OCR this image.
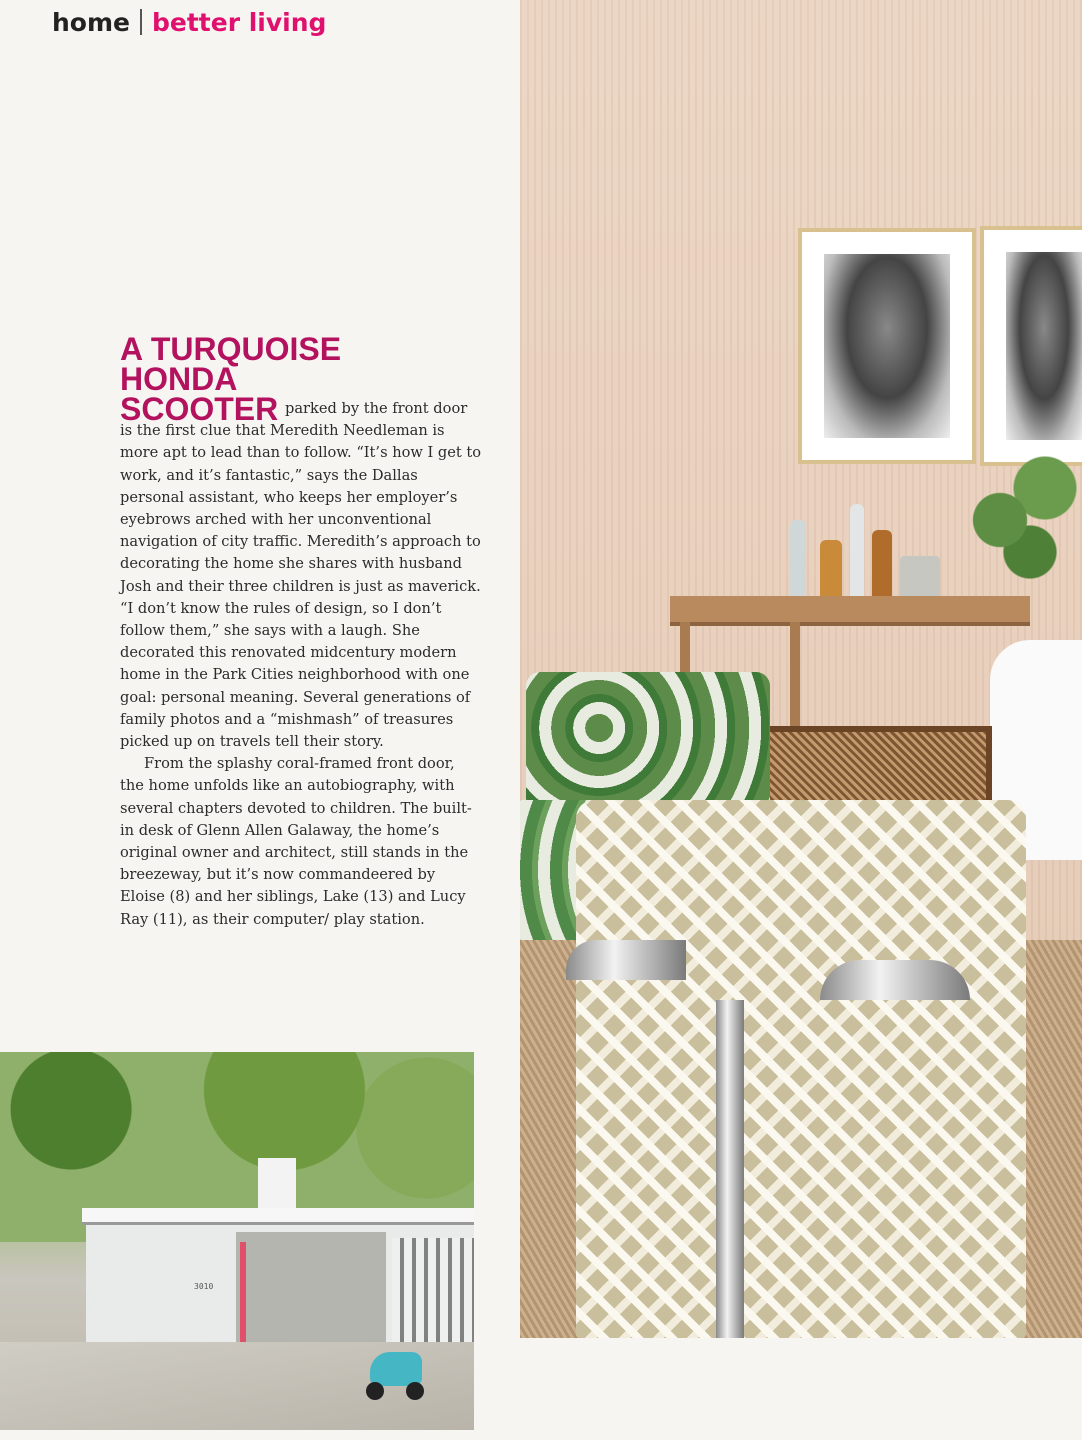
home better living
A TURQUOISE
HONDA
SCOOTER parked by the front door is the first clue that Meredith Needleman is more apt to lead than to follow. “It’s how I get to work, and it’s fantastic,” says the Dallas personal assistant, who keeps her employer’s eyebrows arched with her unconventional navigation of city traffic. Meredith’s approach to decorating the home she shares with husband Josh and their three children is just as maverick. “I don’t know the rules of design, so I don’t follow them,” she says with a laugh. She decorated this renovated midcentury modern home in the Park Cities neighborhood with one goal: personal meaning. Several generations of family photos and a “mishmash” of treasures picked up on travels tell their story.

From the splashy coral-framed front door, the home unfolds like an autobiography, with several chapters devoted to children. The built-in desk of Glenn Allen Galaway, the home’s original owner and architect, still stands in the breezeway, but it’s now commandeered by Eloise (8) and her siblings, Lake (13) and Lucy Ray (11), as their computer/ play station.

3010
